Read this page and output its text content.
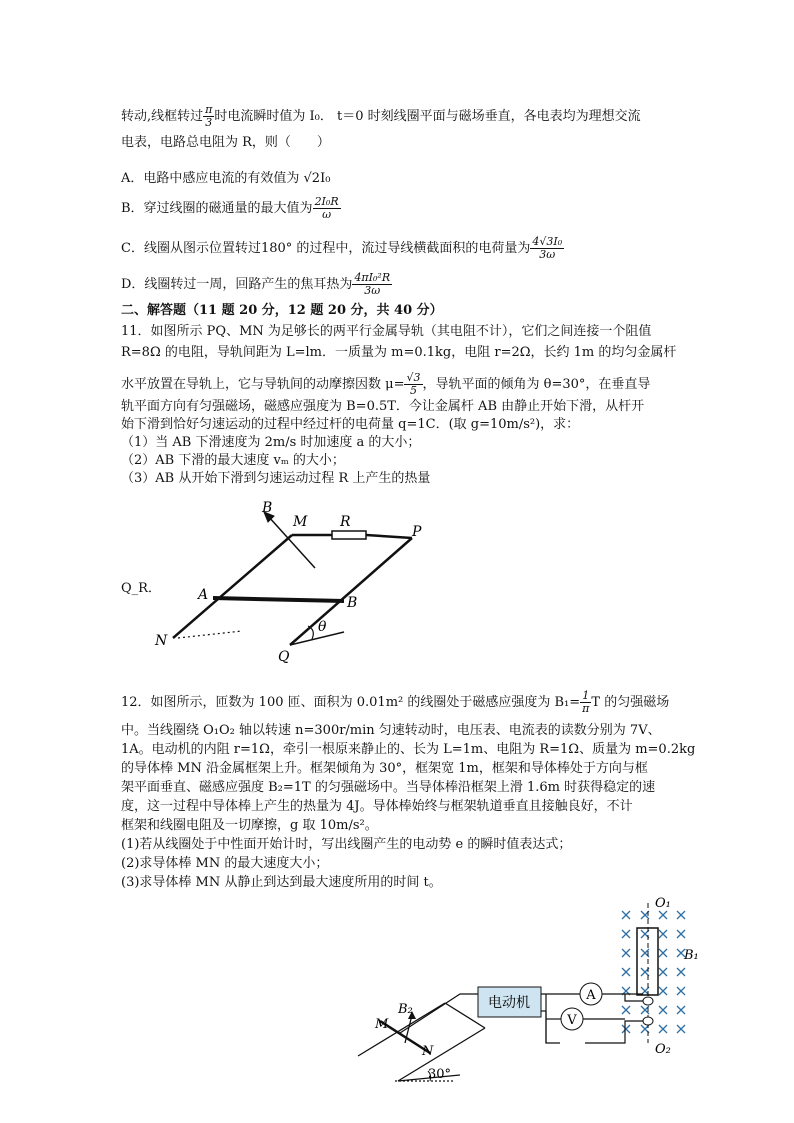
转动,线框转过 $\frac{\pi}{3}$ 时电流瞬时值为 I₀． t＝0 时刻线圈平面与磁场垂直，各电表均为理想交流
电表，电路总电阻为 R，则（　　）
A．电路中感应电流的有效值为 √2I₀
B．穿过线圈的磁通量的最大值为 $\frac{\text{2I₀R}}{\omega}$
C．线圈从图示位置转过180° 的过程中，流过导线横截面积的电荷量为 $\frac{\text{4√3I₀}}{3\omega}$
D．线圈转过一周，回路产生的焦耳热为 $\frac{\text{4πI₀²R}}{3\omega}$
二、解答题（11 题 20 分，12 题 20 分，共 40 分）
11．如图所示 PQ、MN 为足够长的两平行金属导轨（其电阻不计），它们之间连接一个阻值
R=8Ω 的电阻，导轨间距为 L=lm．一质量为 m=0.1kg，电阻 r=2Ω，长约 1m 的均匀金属杆
水平放置在导轨上，它与导轨间的动摩擦因数 $\mu= \frac{√3}{5}$ ，导轨平面的倾角为 θ=30°，在垂直导
轨平面方向有匀强磁场，磁感应强度为 B=0.5T．今让金属杆 AB 由静止开始下滑，从杆开
始下滑到恰好匀速运动的过程中经过杆的电荷量 q=1C．(取 g=10m/s²)，求：
（1）当 AB 下滑速度为 2m/s 时加速度 a 的大小；
（2）AB 下滑的最大速度 vₘ 的大小；
（3）AB 从开始下滑到匀速运动过程 R 上产生的热量
Q_R．
B
M R
P
A	B
N
Q
θ
12．如图所示，匝数为 100 匝、面积为 0.01m² 的线圈处于磁感应强度为 $B_1= \frac{1}{\pi}$ T 的匀强磁场
中。当线圈绕 O₁O₂ 轴以转速 n=300r/min 匀速转动时，电压表、电流表的读数分别为 7V、
1A。电动机的内阻 r=1Ω，牵引一根原来静止的、长为 L=1m、电阻为 R=1Ω、质量为 m=0.2kg
的导体棒 MN 沿金属框架上升。框架倾角为 30°，框架宽 1m，框架和导体棒处于方向与框
架平面垂直、磁感应强度 B₂=1T 的匀强磁场中。当导体棒沿框架上滑 1.6m 时获得稳定的速
度，这一过程中导体棒上产生的热量为 4J。导体棒始终与框架轨道垂直且接触良好，不计
框架和线圈电阻及一切摩擦，g 取 10m/s²。
(1)若从线圈处于中性面开始计时，写出线圈产生的电动势 e 的瞬时值表达式；
(2)求导体棒 MN 的最大速度大小；
(3)求导体棒 MN 从静止到达到最大速度所用的时间 t。
电动机	A
V
O₁
O₂
B₁
B₂
M
N
30°
